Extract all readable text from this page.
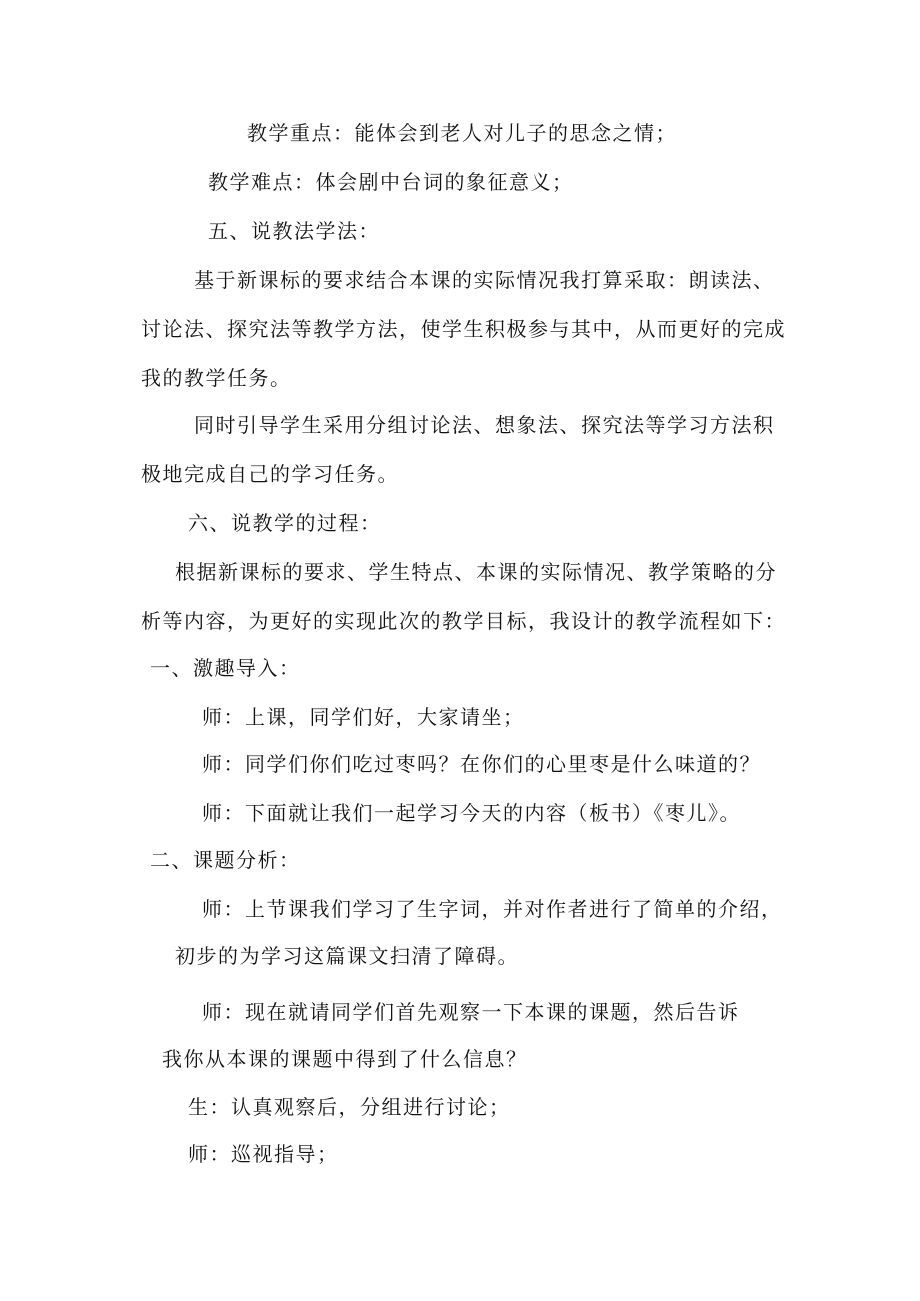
教学重点：能体会到老人对儿子的思念之情；
教学难点：体会剧中台词的象征意义；
五、说教法学法：
基于新课标的要求结合本课的实际情况我打算采取：朗读法、
讨论法、探究法等教学方法，使学生积极参与其中，从而更好的完成
我的教学任务。
同时引导学生采用分组讨论法、想象法、探究法等学习方法积
极地完成自己的学习任务。
六、说教学的过程：
根据新课标的要求、学生特点、本课的实际情况、教学策略的分
析等内容，为更好的实现此次的教学目标，我设计的教学流程如下：
一、激趣导入：
师：上课，同学们好，大家请坐；
师：同学们你们吃过枣吗？在你们的心里枣是什么味道的？
师：下面就让我们一起学习今天的内容（板书）《枣儿》。
二、课题分析：
师：上节课我们学习了生字词，并对作者进行了简单的介绍，
初步的为学习这篇课文扫清了障碍。
师：现在就请同学们首先观察一下本课的课题，然后告诉
我你从本课的课题中得到了什么信息？
生：认真观察后，分组进行讨论；
师：巡视指导；
